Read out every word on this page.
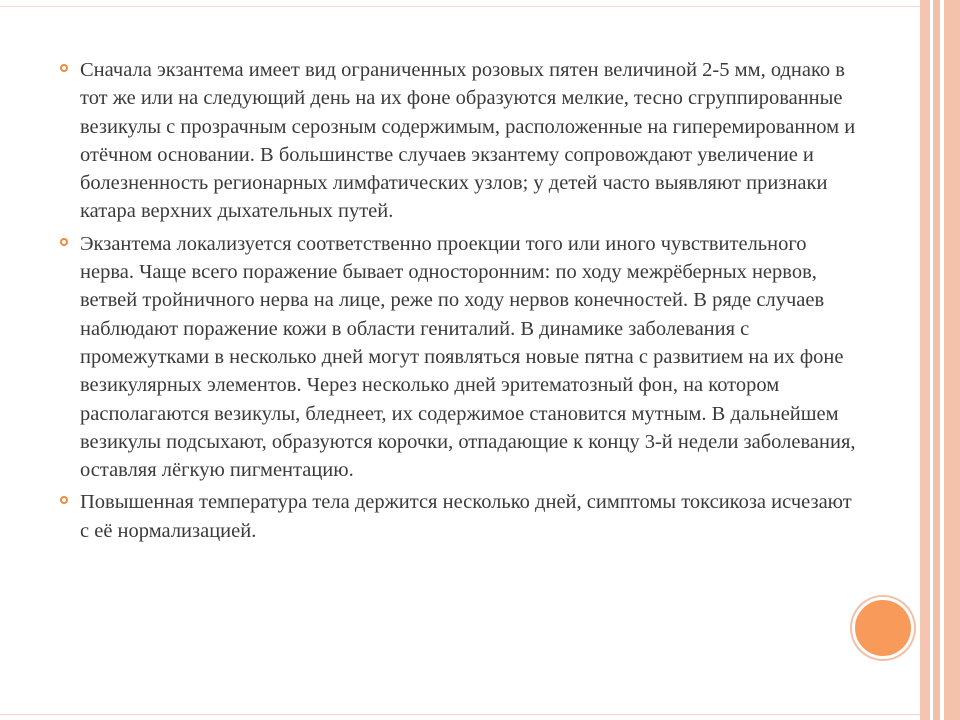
Сначала экзантема имеет вид ограниченных розовых пятен величиной 2-5 мм, однако в тот же или на следующий день на их фоне образуются мелкие, тесно сгруппированные везикулы с прозрачным серозным содержимым, расположенные на гиперемированном и отёчном основании. В большинстве случаев экзантему сопровождают увеличение и болезненность регионарных лимфатических узлов; у детей часто выявляют признаки катара верхних дыхательных путей.
Экзантема локализуется соответственно проекции того или иного чувствительного нерва. Чаще всего поражение бывает односторонним: по ходу межрёберных нервов, ветвей тройничного нерва на лице, реже по ходу нервов конечностей. В ряде случаев наблюдают поражение кожи в области гениталий. В динамике заболевания с промежутками в несколько дней могут появляться новые пятна с развитием на их фоне везикулярных элементов. Через несколько дней эритематозный фон, на котором располагаются везикулы, бледнеет, их содержимое становится мутным. В дальнейшем везикулы подсыхают, образуются корочки, отпадающие к концу 3-й недели заболевания, оставляя лёгкую пигментацию.
Повышенная температура тела держится несколько дней, симптомы токсикоза исчезают с её нормализацией.
